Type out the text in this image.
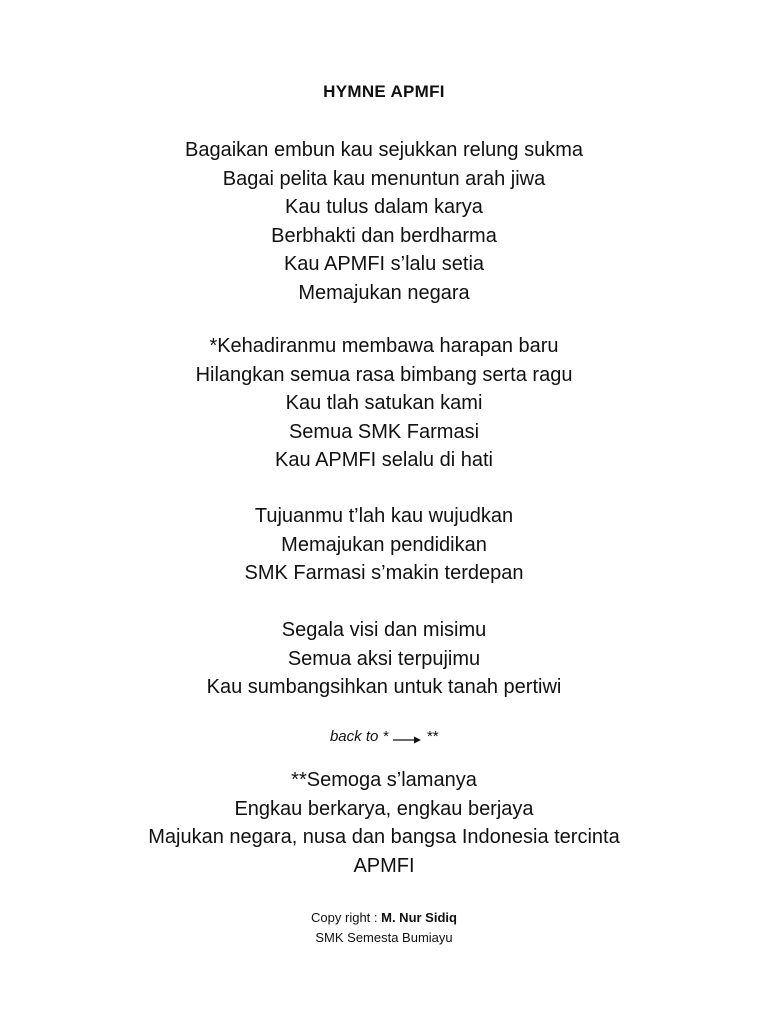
HYMNE APMFI
Bagaikan embun kau sejukkan relung sukma
Bagai pelita kau menuntun arah jiwa
Kau tulus dalam karya
Berbhakti dan berdharma
Kau APMFI s’lalu setia
Memajukan negara
*Kehadiranmu membawa harapan baru
Hilangkan semua rasa bimbang serta ragu
Kau tlah satukan kami
Semua SMK Farmasi
Kau APMFI selalu di hati
Tujuanmu t’lah kau wujudkan
Memajukan pendidikan
SMK Farmasi s’makin terdepan
Segala visi dan misimu
Semua aksi terpujimu
Kau sumbangsihkan untuk tanah pertiwi
back to *	**
**Semoga s’lamanya
Engkau berkarya, engkau berjaya
Majukan negara, nusa dan bangsa Indonesia tercinta
APMFI
Copy right : M. Nur Sidiq
SMK Semesta Bumiayu
